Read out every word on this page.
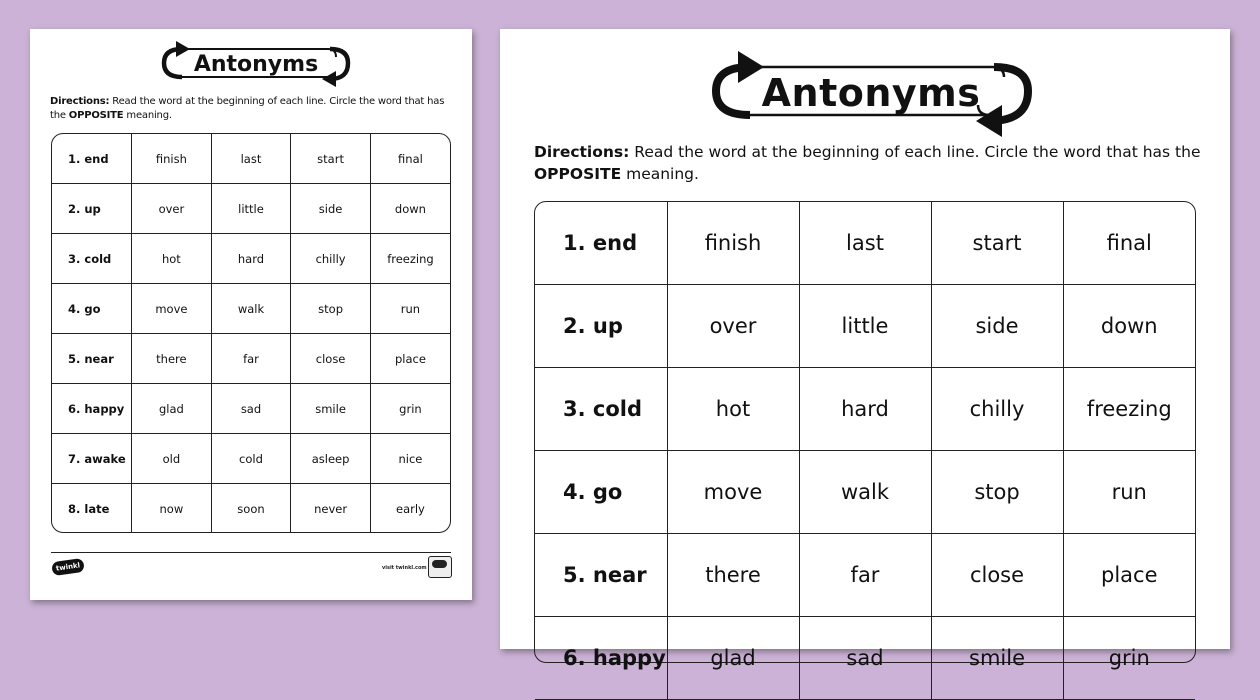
Antonyms
Directions: Read the word at the beginning of each line. Circle the word that has the OPPOSITE meaning.
1. end	finish	last	start	final
2. up	over	little	side	down
3. cold	hot	hard	chilly	freezing
4. go	move	walk	stop	run
5. near	there	far	close	place
6. happy	glad	sad	smile	grin
7. awake	old	cold	asleep	nice
8. late	now	soon	never	early
twinkl	visit twinkl.com
Antonyms
Directions: Read the word at the beginning of each line. Circle the word that has the OPPOSITE meaning.
1. end	finish	last	start	final
2. up	over	little	side	down
3. cold	hot	hard	chilly	freezing
4. go	move	walk	stop	run
5. near	there	far	close	place
6. happy	glad	sad	smile	grin
